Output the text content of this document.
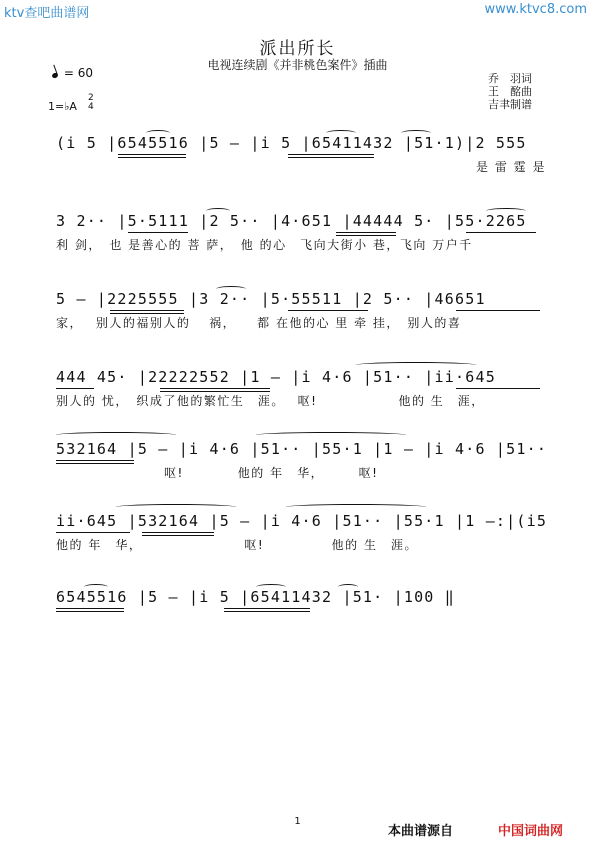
ktv查吧曲谱网	www.ktvc8.com
派出所长
电视连续剧《并非桃色案件》插曲
= 60
1=♭A
2
4
乔　羽词
王　酩曲
吉聿制谱
(i 5 |6545516 |5 — |i 5 |65411432 |51·1)|2 555
是 雷 霆 是
3 2·· |5·5111 |2 5·· |4·651 |44444 5· |55·2265
利 剑，　也 是善心的 菩 萨，　他 的心　飞向大街小 巷，飞向 万户千
5 — |2225555 |3 2·· |5·55511 |2 5·· |46651
家，　 别人的福别人的　 祸，　　都 在他的心 里 牵 挂，　别人的喜
444 45· |22222552 |1 — |i 4·6 |51·· |ii·645
别人的 忧，　织成了他的繁忙生　涯。　 呕!　　　　　　他的 生　涯，
532164 |5 — |i 4·6 |51·· |55·1 |1 — |i 4·6 |51··
　　　　　　　　呕!　　　　他的 年　华，　　　呕!
ii·645 |532164 |5 — |i 4·6 |51·· |55·1 |1 —:|(i5
他的 年　华，　　　　　　　　呕!　　　　　他的 生　涯。
6545516 |5 — |i 5 |65411432 |51· |100 ‖
1
本曲谱源自	中国词曲网
